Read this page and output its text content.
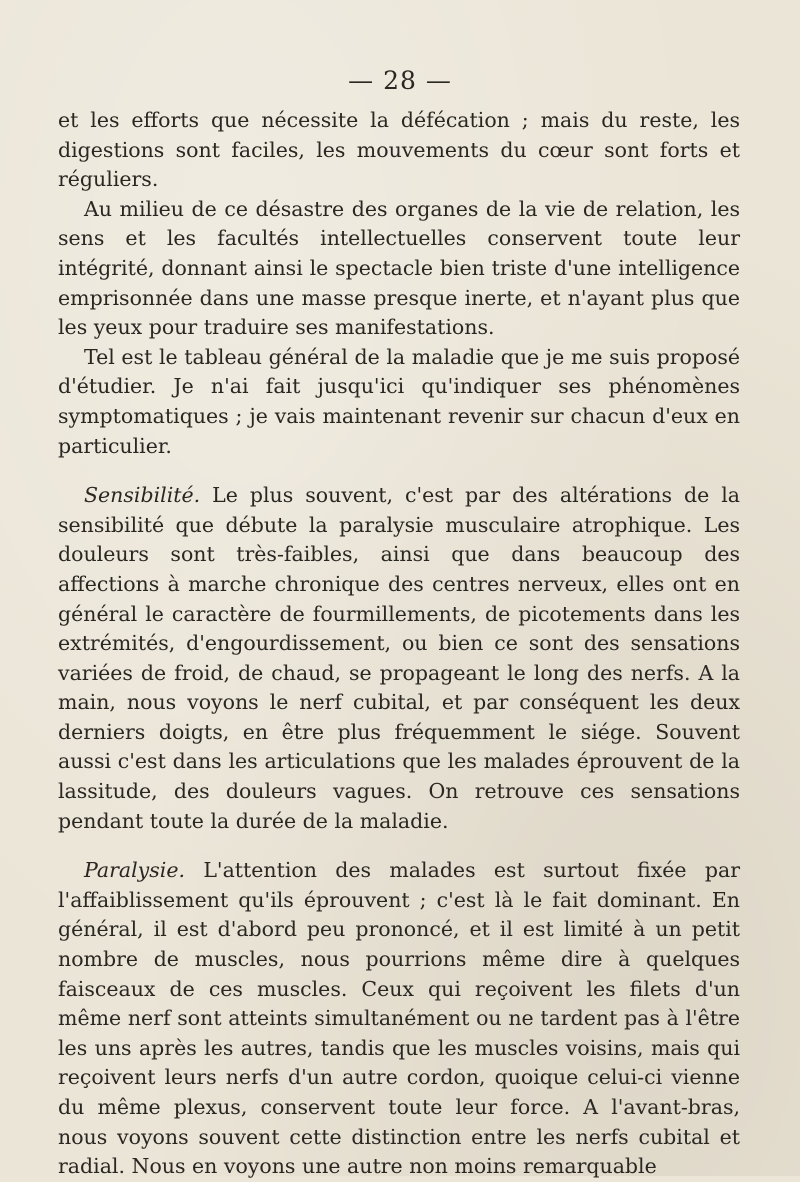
— 28 —

et les efforts que nécessite la défécation ; mais du reste, les digestions sont faciles, les mouvements du cœur sont forts et réguliers.

Au milieu de ce désastre des organes de la vie de relation, les sens et les facultés intellectuelles conservent toute leur intégrité, donnant ainsi le spectacle bien triste d'une intelligence emprisonnée dans une masse presque inerte, et n'ayant plus que les yeux pour traduire ses manifestations.

Tel est le tableau général de la maladie que je me suis proposé d'étudier. Je n'ai fait jusqu'ici qu'indiquer ses phénomènes symptomatiques ; je vais maintenant revenir sur chacun d'eux en particulier.

Sensibilité. Le plus souvent, c'est par des altérations de la sensibilité que débute la paralysie musculaire atrophique. Les douleurs sont très-faibles, ainsi que dans beaucoup des affections à marche chronique des centres nerveux, elles ont en général le caractère de fourmillements, de picotements dans les extrémités, d'engourdissement, ou bien ce sont des sensations variées de froid, de chaud, se propageant le long des nerfs. A la main, nous voyons le nerf cubital, et par conséquent les deux derniers doigts, en être plus fréquemment le siége. Souvent aussi c'est dans les articulations que les malades éprouvent de la lassitude, des douleurs vagues. On retrouve ces sensations pendant toute la durée de la maladie.

Paralysie. L'attention des malades est surtout fixée par l'affaiblissement qu'ils éprouvent ; c'est là le fait dominant. En général, il est d'abord peu prononcé, et il est limité à un petit nombre de muscles, nous pourrions même dire à quelques faisceaux de ces muscles. Ceux qui reçoivent les filets d'un même nerf sont atteints simultanément ou ne tardent pas à l'être les uns après les autres, tandis que les muscles voisins, mais qui reçoivent leurs nerfs d'un autre cordon, quoique celui-ci vienne du même plexus, conservent toute leur force. A l'avant-bras, nous voyons souvent cette distinction entre les nerfs cubital et radial. Nous en voyons une autre non moins remarquable
